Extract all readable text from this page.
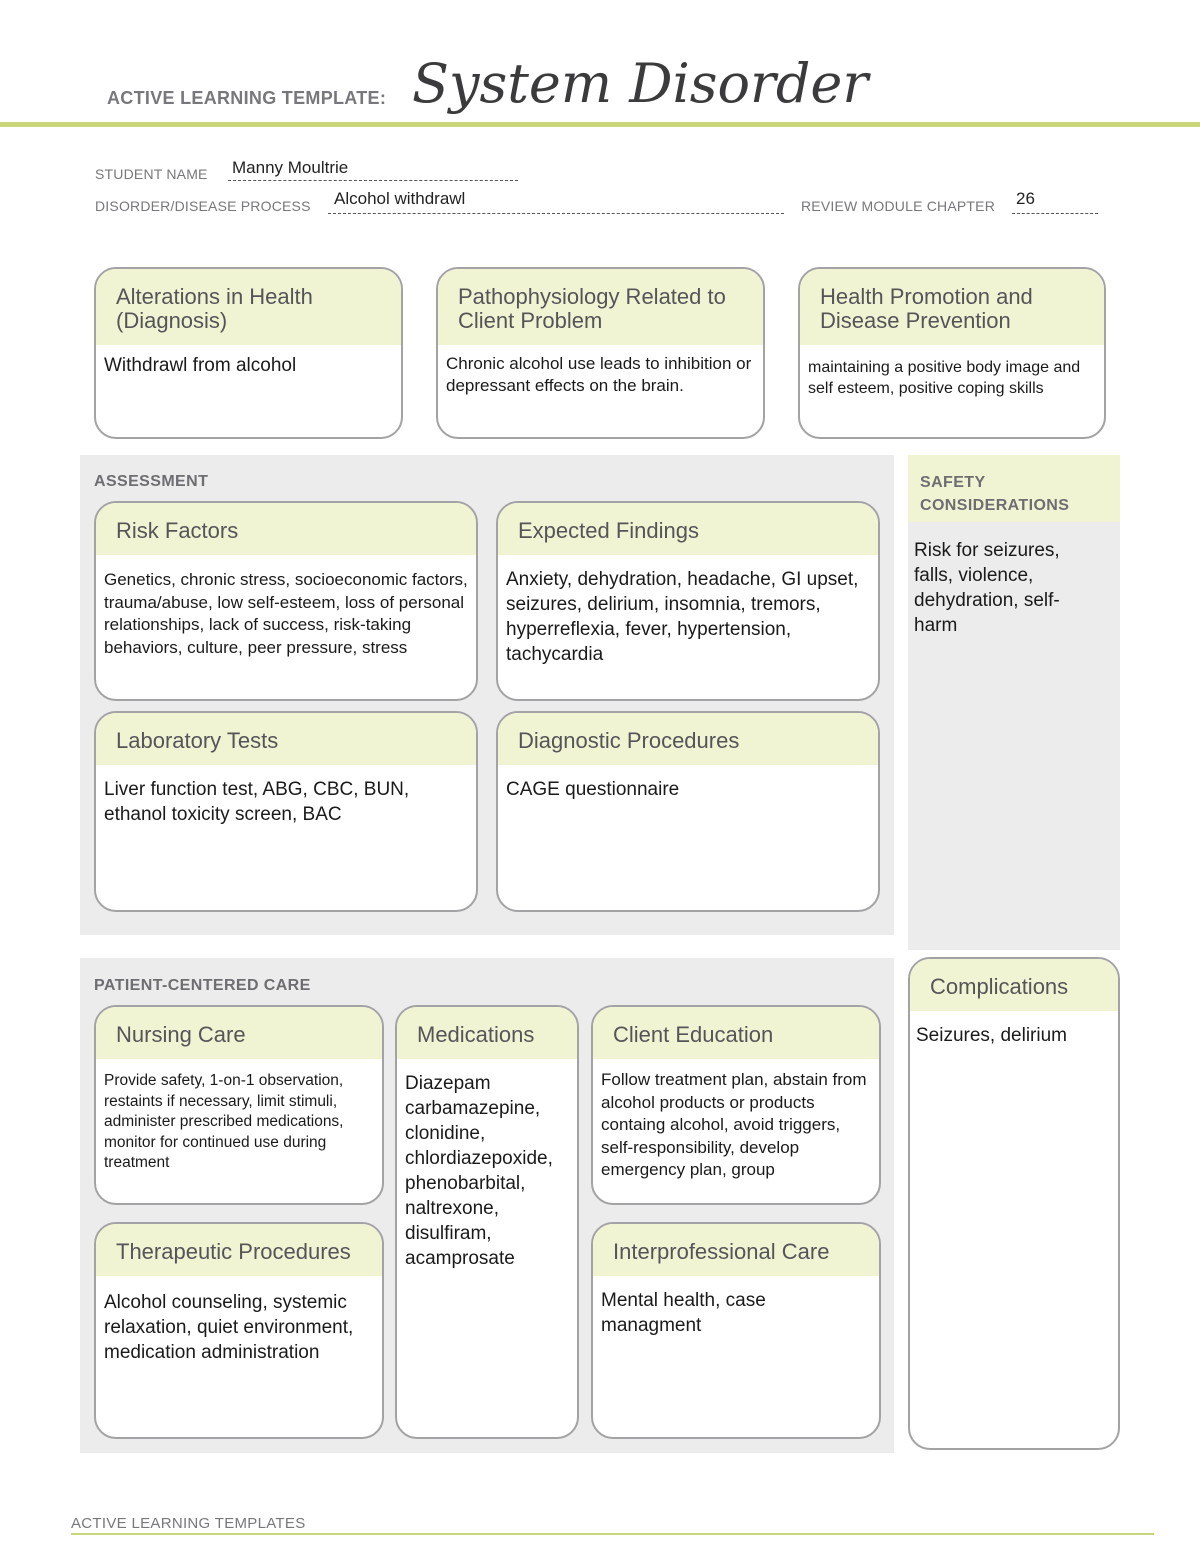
ACTIVE LEARNING TEMPLATE: System Disorder
STUDENT NAME Manny Moultrie
DISORDER/DISEASE PROCESS Alcohol withdrawl	REVIEW MODULE CHAPTER 26
Alterations in Health (Diagnosis)
Withdrawl from alcohol
Pathophysiology Related to Client Problem
Chronic alcohol use leads to inhibition or depressant effects on the brain.
Health Promotion and Disease Prevention
maintaining a positive body image and self esteem, positive coping skills
ASSESSMENT
Risk Factors
Genetics, chronic stress, socioeconomic factors, trauma/abuse, low self-esteem, loss of personal relationships, lack of success, risk-taking behaviors, culture, peer pressure, stress
Expected Findings
Anxiety, dehydration, headache, GI upset, seizures, delirium, insomnia, tremors, hyperreflexia, fever, hypertension, tachycardia
Laboratory Tests
Liver function test, ABG, CBC, BUN, ethanol toxicity screen, BAC
Diagnostic Procedures
CAGE questionnaire
SAFETY CONSIDERATIONS
Risk for seizures, falls, violence, dehydration, self-harm
PATIENT-CENTERED CARE
Nursing Care
Provide safety, 1-on-1 observation, restaints if necessary, limit stimuli, administer prescribed medications, monitor for continued use during treatment
Medications
Diazepam carbamazepine, clonidine, chlordiazepoxide, phenobarbital, naltrexone, disulfiram, acamprosate
Client Education
Follow treatment plan, abstain from alcohol products or products containg alcohol, avoid triggers, self-responsibility, develop emergency plan, group
Therapeutic Procedures
Alcohol counseling, systemic relaxation, quiet environment, medication administration
Interprofessional Care
Mental health, case managment
Complications
Seizures, delirium
ACTIVE LEARNING TEMPLATES
